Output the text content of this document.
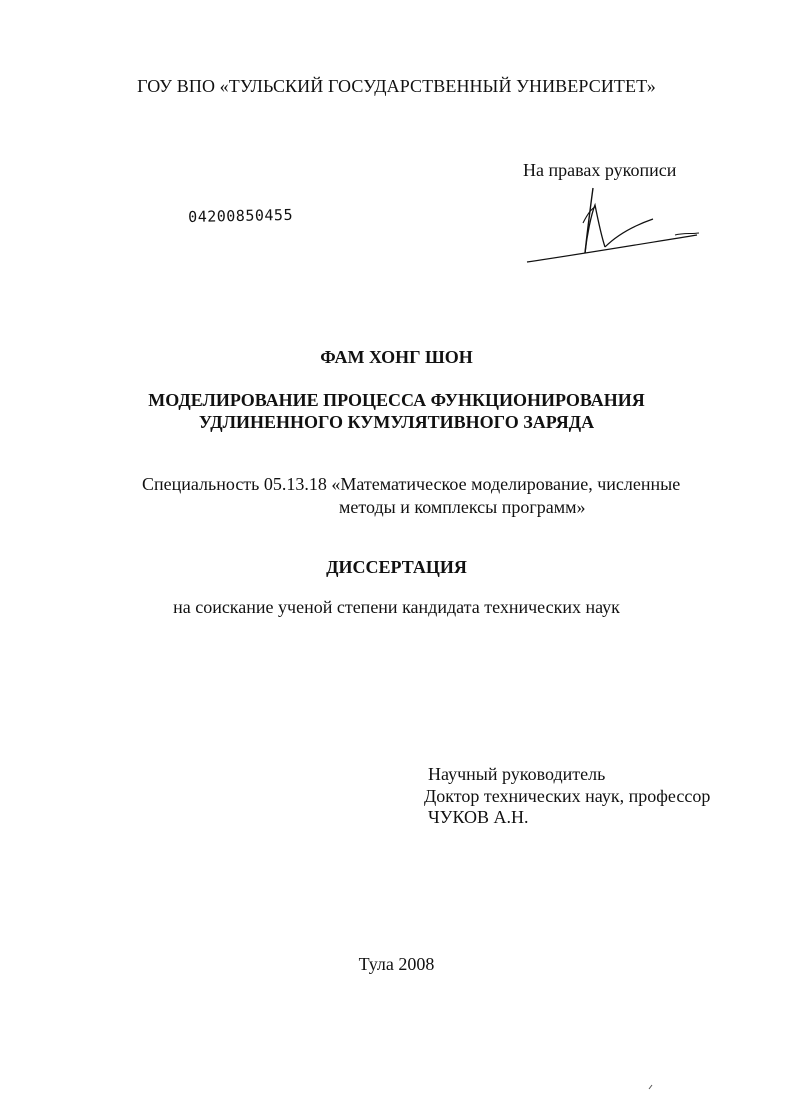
ГОУ ВПО «ТУЛЬСКИЙ ГОСУДАРСТВЕННЫЙ УНИВЕРСИТЕТ»
На правах рукописи
04200850455
ФАМ ХОНГ ШОН
МОДЕЛИРОВАНИЕ ПРОЦЕССА ФУНКЦИОНИРОВАНИЯ
УДЛИНЕННОГО КУМУЛЯТИВНОГО ЗАРЯДА
Специальность 05.13.18 «Математическое моделирование, численные
методы и комплексы программ»
ДИССЕРТАЦИЯ
на соискание ученой степени кандидата технических наук
Научный руководитель
Доктор технических наук, профессор
ЧУКОВ А.Н.
Тула 2008
